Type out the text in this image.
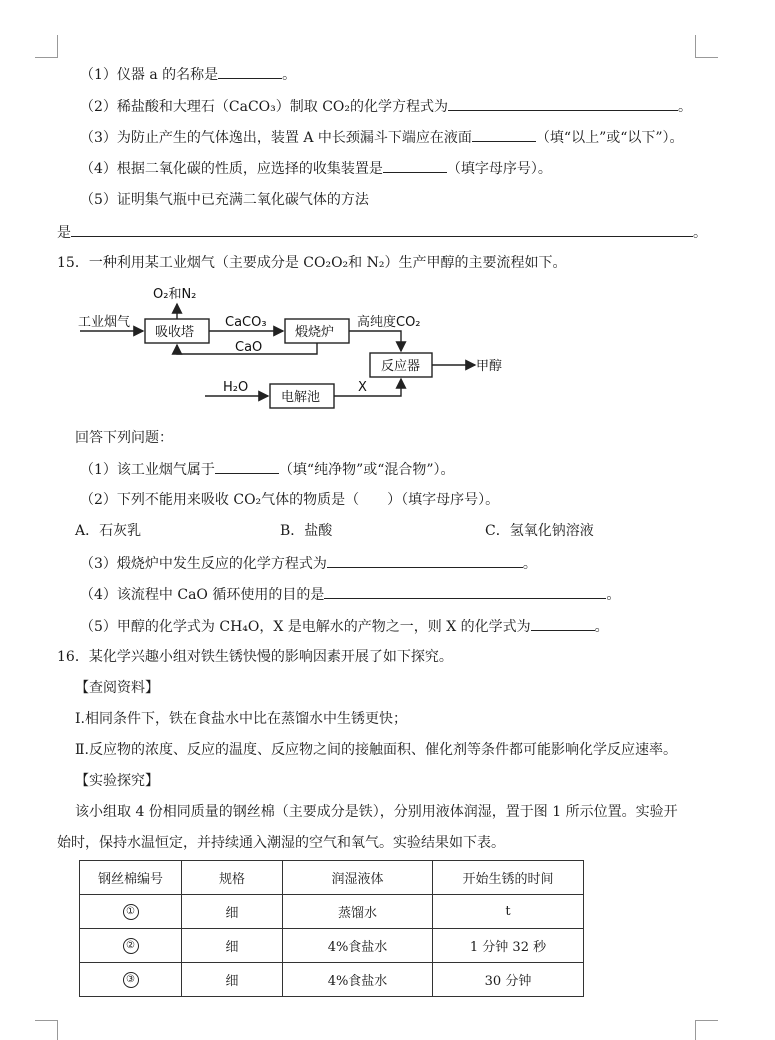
（1）仪器 a 的名称是	。
（2）稀盐酸和大理石（CaCO₃）制取 CO₂的化学方程式为	。
（3）为防止产生的气体逸出，装置 A 中长颈漏斗下端应在液面	（填“以上”或“以下”）。
（4）根据二氧化碳的性质，应选择的收集装置是	（填字母序号）。
（5）证明集气瓶中已充满二氧化碳气体的方法
是	。
15．一种利用某工业烟气（主要成分是 CO₂O₂和 N₂）生产甲醇的主要流程如下。
工业烟气
吸收塔
O₂和N₂
CaCO₃
煅烧炉
高纯度CO₂
CaO
反应器	甲醇
H₂O
电解池
X
回答下列问题：
（1）该工业烟气属于	（填“纯净物”或“混合物”）。
（2）下列不能用来吸收 CO₂气体的物质是（　　）（填字母序号）。
A．石灰乳	B．盐酸	C．氢氧化钠溶液
（3）煅烧炉中发生反应的化学方程式为	。
（4）该流程中 CaO 循环使用的目的是	。
（5）甲醇的化学式为 CH₄O，X 是电解水的产物之一，则 X 的化学式为	。
16．某化学兴趣小组对铁生锈快慢的影响因素开展了如下探究。
【查阅资料】
Ⅰ.相同条件下，铁在食盐水中比在蒸馏水中生锈更快；
Ⅱ.反应物的浓度、反应的温度、反应物之间的接触面积、催化剂等条件都可能影响化学反应速率。
【实验探究】
该小组取 4 份相同质量的钢丝棉（主要成分是铁），分别用液体润湿，置于图 1 所示位置。实验开
始时，保持水温恒定，并持续通入潮湿的空气和氧气。实验结果如下表。
钢丝棉编号	规格	润湿液体	开始生锈的时间
①	细	蒸馏水	t
②	细	4%食盐水	1 分钟 32 秒
③	细	4%食盐水	30 分钟
